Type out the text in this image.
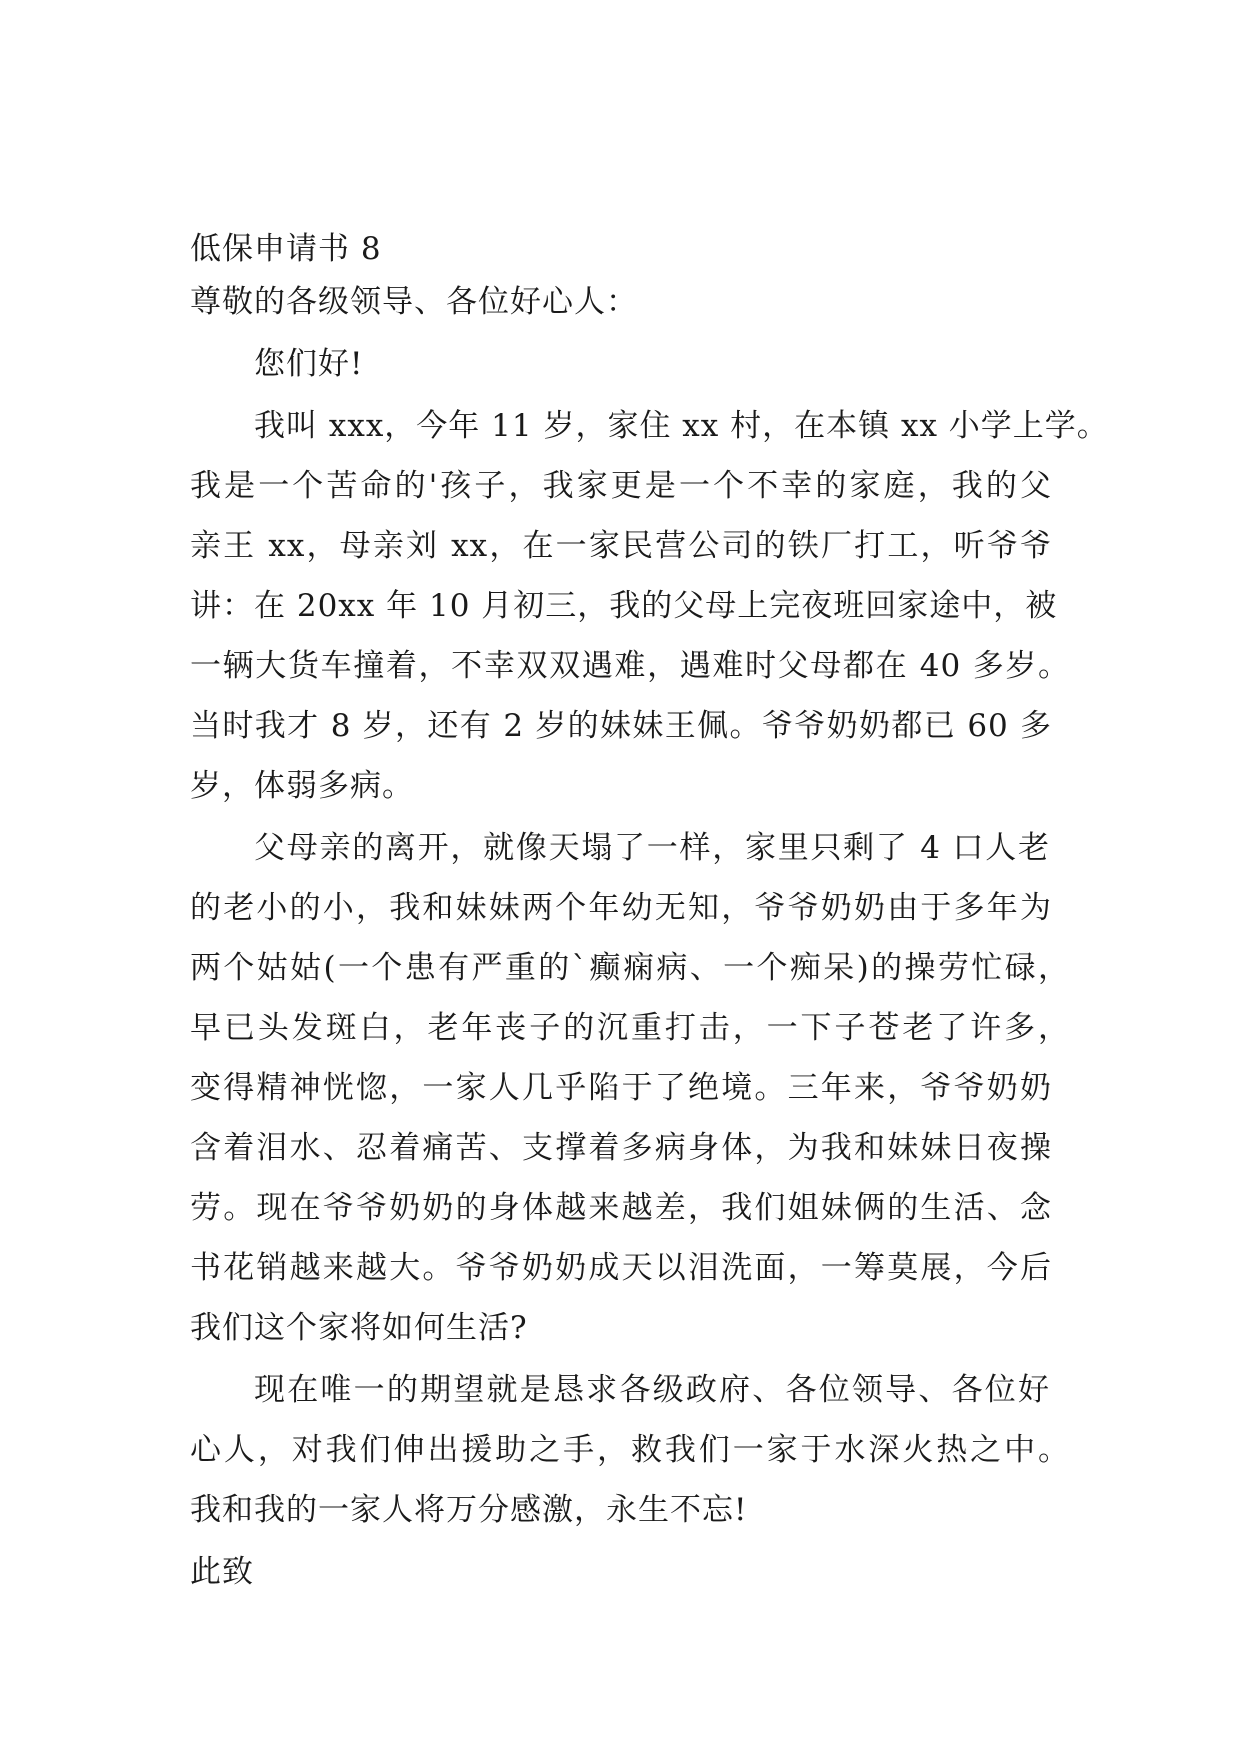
低保申请书 8
尊敬的各级领导、各位好心人：
您们好!
我叫 xxx，今年 11 岁，家住 xx 村，在本镇 xx 小学上学。
我是一个苦命的'孩子，我家更是一个不幸的家庭，我的父
亲王 xx，母亲刘 xx，在一家民营公司的铁厂打工，听爷爷
讲：在 20xx 年 10 月初三，我的父母上完夜班回家途中，被
一辆大货车撞着，不幸双双遇难，遇难时父母都在 40 多岁。
当时我才 8 岁，还有 2 岁的妹妹王佩。爷爷奶奶都已 60 多
岁，体弱多病。
父母亲的离开，就像天塌了一样，家里只剩了 4 口人老
的老小的小，我和妹妹两个年幼无知，爷爷奶奶由于多年为
两个姑姑(一个患有严重的`癫痫病、一个痴呆)的操劳忙碌，
早已头发斑白，老年丧子的沉重打击，一下子苍老了许多，
变得精神恍惚，一家人几乎陷于了绝境。三年来，爷爷奶奶
含着泪水、忍着痛苦、支撑着多病身体，为我和妹妹日夜操
劳。现在爷爷奶奶的身体越来越差，我们姐妹俩的生活、念
书花销越来越大。爷爷奶奶成天以泪洗面，一筹莫展，今后
我们这个家将如何生活?
现在唯一的期望就是恳求各级政府、各位领导、各位好
心人，对我们伸出援助之手，救我们一家于水深火热之中。
我和我的一家人将万分感激，永生不忘!
此致
